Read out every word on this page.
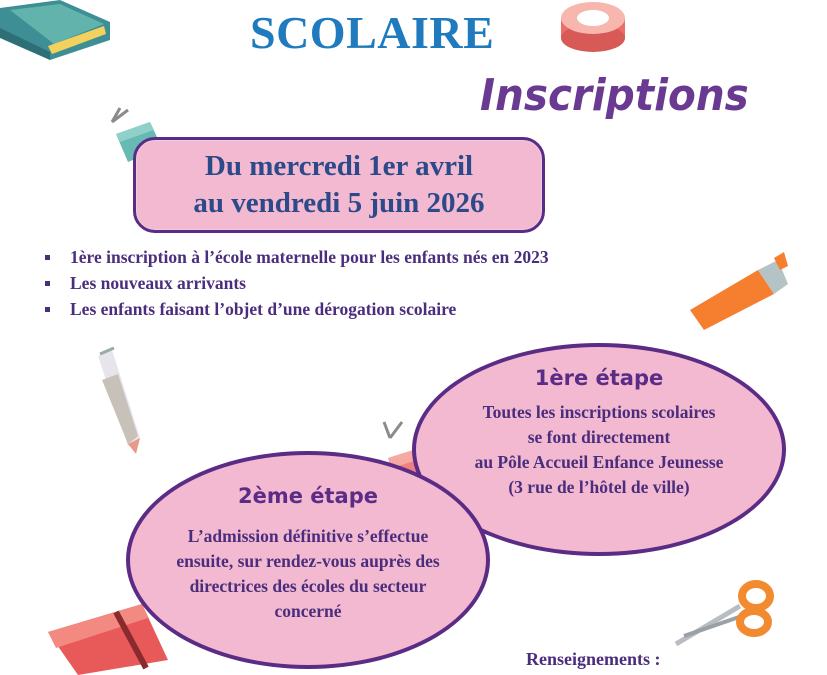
SCOLAIRE
Inscriptions
Du mercredi 1er avril
au vendredi 5 juin 2026
1ère inscription à l’école maternelle pour les enfants nés en 2023
Les nouveaux arrivants
Les enfants faisant l’objet d’une dérogation scolaire
1ère étape
Toutes les inscriptions scolaires
se font directement
au Pôle Accueil Enfance Jeunesse
(3 rue de l’hôtel de ville)
2ème étape
L’admission définitive s’effectue
ensuite, sur rendez-vous auprès des
directrices des écoles du secteur
concerné
Renseignements :
